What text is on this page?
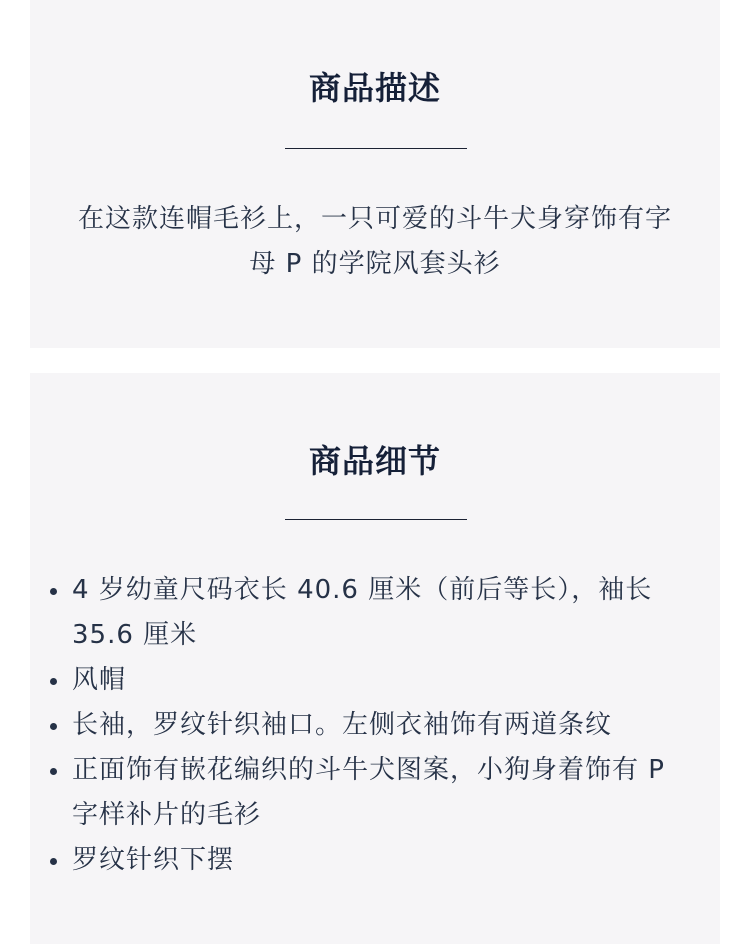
商品描述

在这款连帽毛衫上，一只可爱的斗牛犬身穿饰有字母 P 的学院风套头衫

商品细节
4 岁幼童尺码衣长 40.6 厘米（前后等长），袖长 35.6 厘米
风帽
长袖，罗纹针织袖口。左侧衣袖饰有两道条纹
正面饰有嵌花编织的斗牛犬图案，小狗身着饰有 P 字样补片的毛衫
罗纹针织下摆
